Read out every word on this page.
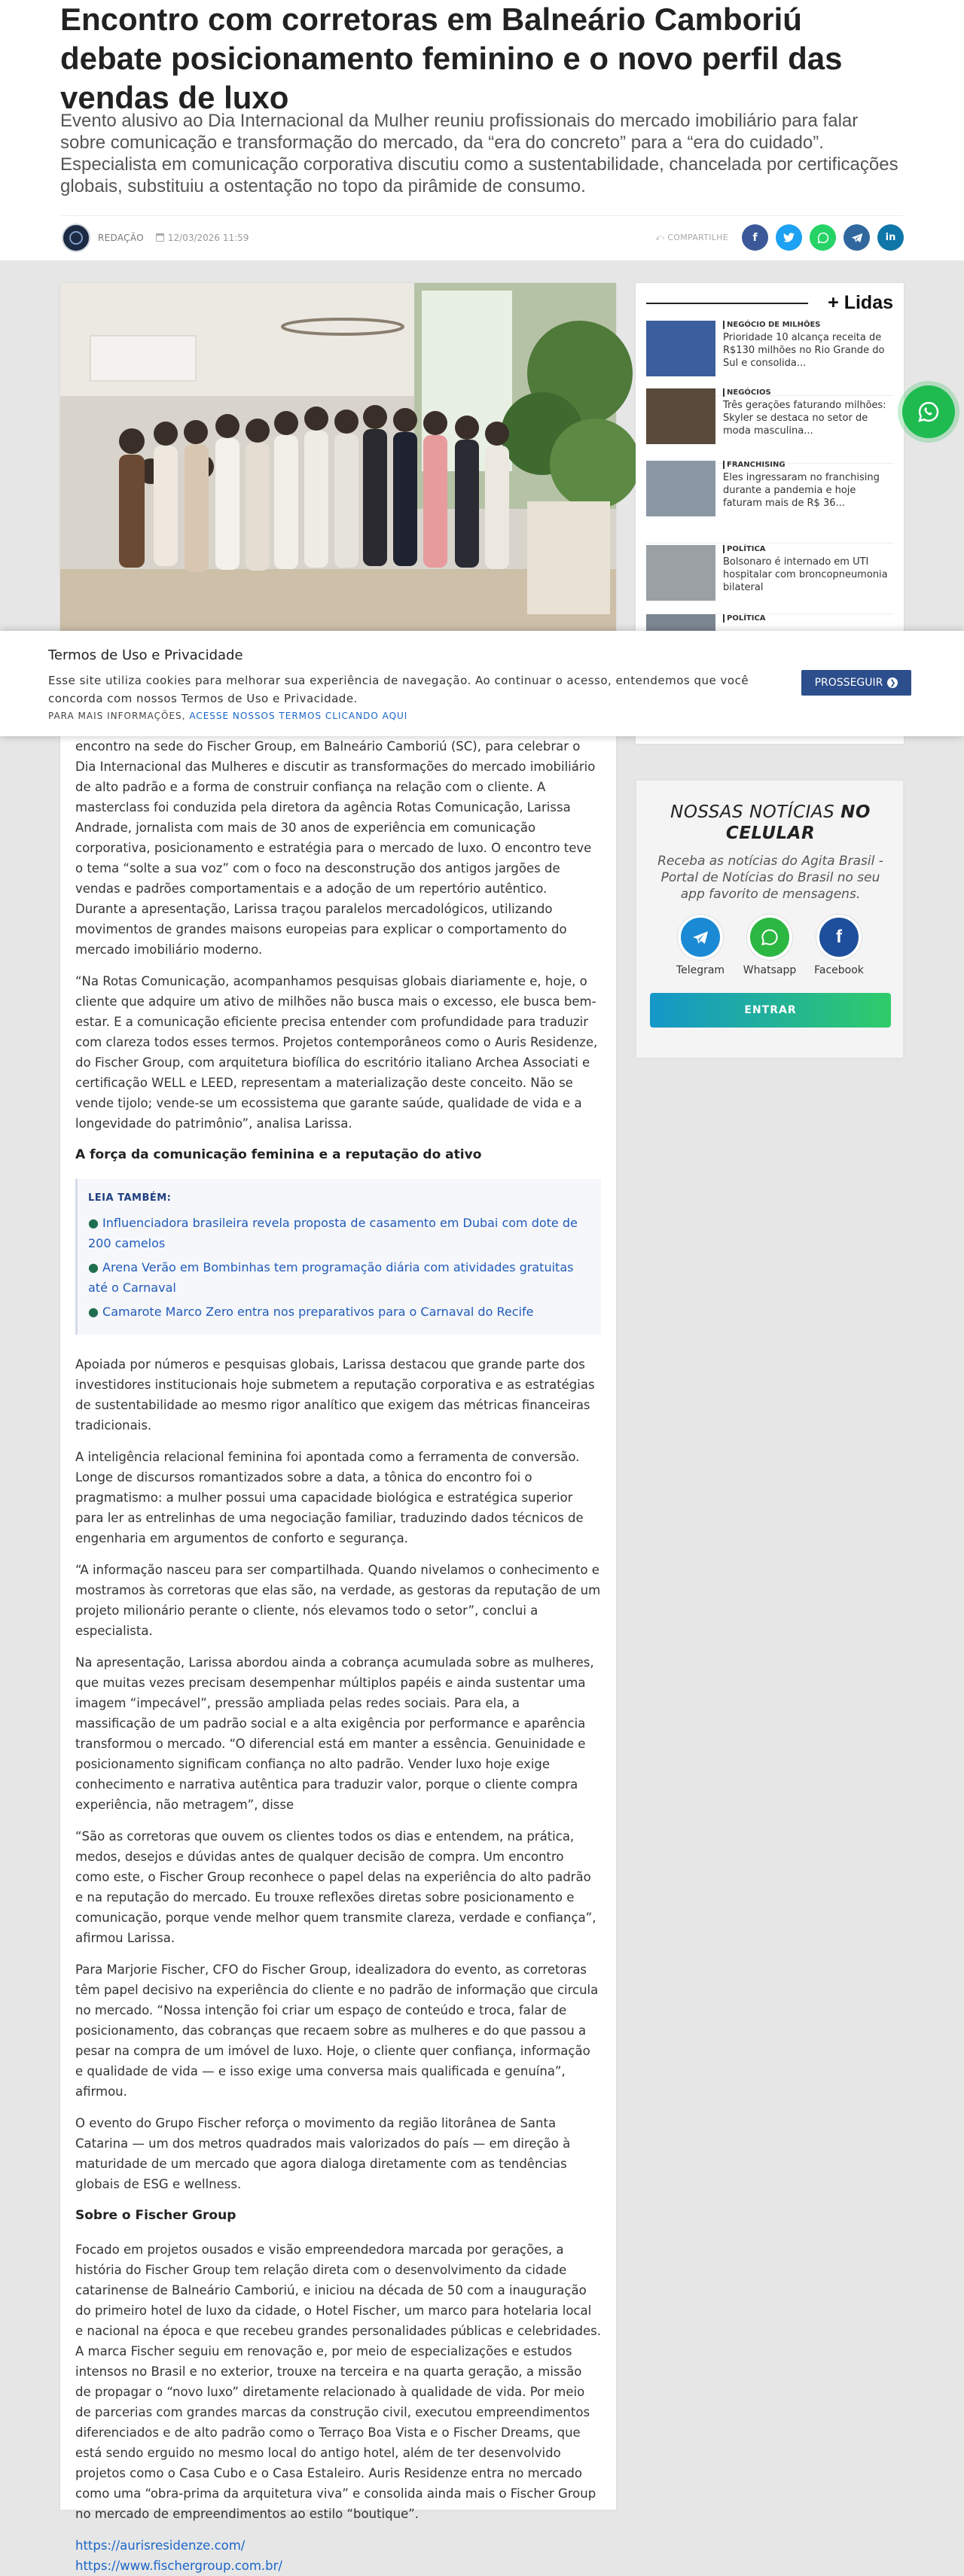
Encontro com corretoras em Balneário Camboriú debate posicionamento feminino e o novo perfil das vendas de luxo

Evento alusivo ao Dia Internacional da Mulher reuniu profissionais do mercado imobiliário para falar sobre comunicação e transformação do mercado, da “era do concreto” para a “era do cuidado”. Especialista em comunicação corporativa discutiu como a sustentabilidade, chancelada por certificações globais, substituiu a ostentação no topo da pirâmide de consumo.

REDAÇÃO	12/03/2026 11:59	⤺ COMPARTILHE f	in

encontro na sede do Fischer Group, em Balneário Camboriú (SC), para celebrar o Dia Internacional das Mulheres e discutir as transformações do mercado imobiliário de alto padrão e a forma de construir confiança na relação com o cliente. A masterclass foi conduzida pela diretora da agência Rotas Comunicação, Larissa Andrade, jornalista com mais de 30 anos de experiência em comunicação corporativa, posicionamento e estratégia para o mercado de luxo. O encontro teve o tema “solte a sua voz” com o foco na desconstrução dos antigos jargões de vendas e padrões comportamentais e a adoção de um repertório autêntico. Durante a apresentação, Larissa traçou paralelos mercadológicos, utilizando movimentos de grandes maisons europeias para explicar o comportamento do mercado imobiliário moderno.

“Na Rotas Comunicação, acompanhamos pesquisas globais diariamente e, hoje, o cliente que adquire um ativo de milhões não busca mais o excesso, ele busca bem-estar. E a comunicação eficiente precisa entender com profundidade para traduzir com clareza todos esses termos. Projetos contemporâneos como o Auris Residenze, do Fischer Group, com arquitetura biofílica do escritório italiano Archea Associati e certificação WELL e LEED, representam a materialização deste conceito. Não se vende tijolo; vende-se um ecossistema que garante saúde, qualidade de vida e a longevidade do patrimônio”, analisa Larissa.

A força da comunicação feminina e a reputação do ativo
LEIA TAMBÉM:
● Influenciadora brasileira revela proposta de casamento em Dubai com dote de 200 camelos
● Arena Verão em Bombinhas tem programação diária com atividades gratuitas até o Carnaval
● Camarote Marco Zero entra nos preparativos para o Carnaval do Recife

Apoiada por números e pesquisas globais, Larissa destacou que grande parte dos investidores institucionais hoje submetem a reputação corporativa e as estratégias de sustentabilidade ao mesmo rigor analítico que exigem das métricas financeiras tradicionais.

A inteligência relacional feminina foi apontada como a ferramenta de conversão. Longe de discursos romantizados sobre a data, a tônica do encontro foi o pragmatismo: a mulher possui uma capacidade biológica e estratégica superior para ler as entrelinhas de uma negociação familiar, traduzindo dados técnicos de engenharia em argumentos de conforto e segurança.

“A informação nasceu para ser compartilhada. Quando nivelamos o conhecimento e mostramos às corretoras que elas são, na verdade, as gestoras da reputação de um projeto milionário perante o cliente, nós elevamos todo o setor”, conclui a especialista.

Na apresentação, Larissa abordou ainda a cobrança acumulada sobre as mulheres, que muitas vezes precisam desempenhar múltiplos papéis e ainda sustentar uma imagem “impecável”, pressão ampliada pelas redes sociais. Para ela, a massificação de um padrão social e a alta exigência por performance e aparência transformou o mercado. “O diferencial está em manter a essência. Genuinidade e posicionamento significam confiança no alto padrão. Vender luxo hoje exige conhecimento e narrativa autêntica para traduzir valor, porque o cliente compra experiência, não metragem”, disse

“São as corretoras que ouvem os clientes todos os dias e entendem, na prática, medos, desejos e dúvidas antes de qualquer decisão de compra. Um encontro como este, o Fischer Group reconhece o papel delas na experiência do alto padrão e na reputação do mercado. Eu trouxe reflexões diretas sobre posicionamento e comunicação, porque vende melhor quem transmite clareza, verdade e confiança”, afirmou Larissa.

Para Marjorie Fischer, CFO do Fischer Group, idealizadora do evento, as corretoras têm papel decisivo na experiência do cliente e no padrão de informação que circula no mercado. “Nossa intenção foi criar um espaço de conteúdo e troca, falar de posicionamento, das cobranças que recaem sobre as mulheres e do que passou a pesar na compra de um imóvel de luxo. Hoje, o cliente quer confiança, informação e qualidade de vida — e isso exige uma conversa mais qualificada e genuína”, afirmou.

O evento do Grupo Fischer reforça o movimento da região litorânea de Santa Catarina — um dos metros quadrados mais valorizados do país — em direção à maturidade de um mercado que agora dialoga diretamente com as tendências globais de ESG e wellness.

Sobre o Fischer Group

Focado em projetos ousados e visão empreendedora marcada por gerações, a história do Fischer Group tem relação direta com o desenvolvimento da cidade catarinense de Balneário Camboriú, e iniciou na década de 50 com a inauguração do primeiro hotel de luxo da cidade, o Hotel Fischer, um marco para hotelaria local e nacional na época e que recebeu grandes personalidades públicas e celebridades. A marca Fischer seguiu em renovação e, por meio de especializações e estudos intensos no Brasil e no exterior, trouxe na terceira e na quarta geração, a missão de propagar o “novo luxo” diretamente relacionado à qualidade de vida. Por meio de parcerias com grandes marcas da construção civil, executou empreendimentos diferenciados e de alto padrão como o Terraço Boa Vista e o Fischer Dreams, que está sendo erguido no mesmo local do antigo hotel, além de ter desenvolvido projetos como o Casa Cubo e o Casa Estaleiro. Auris Residenze entra no mercado como uma “obra-prima da arquitetura viva” e consolida ainda mais o Fischer Group no mercado de empreendimentos ao estilo “boutique”.

https://aurisresidenze.com/
https://www.fischergroup.com.br/
+ Lidas
NEGÓCIO DE MILHÕES
Prioridade 10 alcança receita de R$130 milhões no Rio Grande do Sul e consolida...
NEGÓCIOS
Três gerações faturando milhões: Skyler se destaca no setor de moda masculina...
FRANCHISING
Eles ingressaram no franchising durante a pandemia e hoje faturam mais de R$ 36...
POLÍTICA
Bolsonaro é internado em UTI hospitalar com broncopneumonia bilateral
POLÍTICA
NOSSAS NOTÍCIAS NO CELULAR
Receba as notícias do Agita Brasil - Portal de Notícias do Brasil no seu app favorito de mensagens.
Telegram	Whatsapp
f
Facebook
ENTRAR
Termos de Uso e Privacidade
Esse site utiliza cookies para melhorar sua experiência de navegação. Ao continuar o acesso, entendemos que você concorda com nossos Termos de Uso e Privacidade.
PARA MAIS INFORMAÇÕES, ACESSE NOSSOS TERMOS CLICANDO AQUI
PROSSEGUIR ❯
